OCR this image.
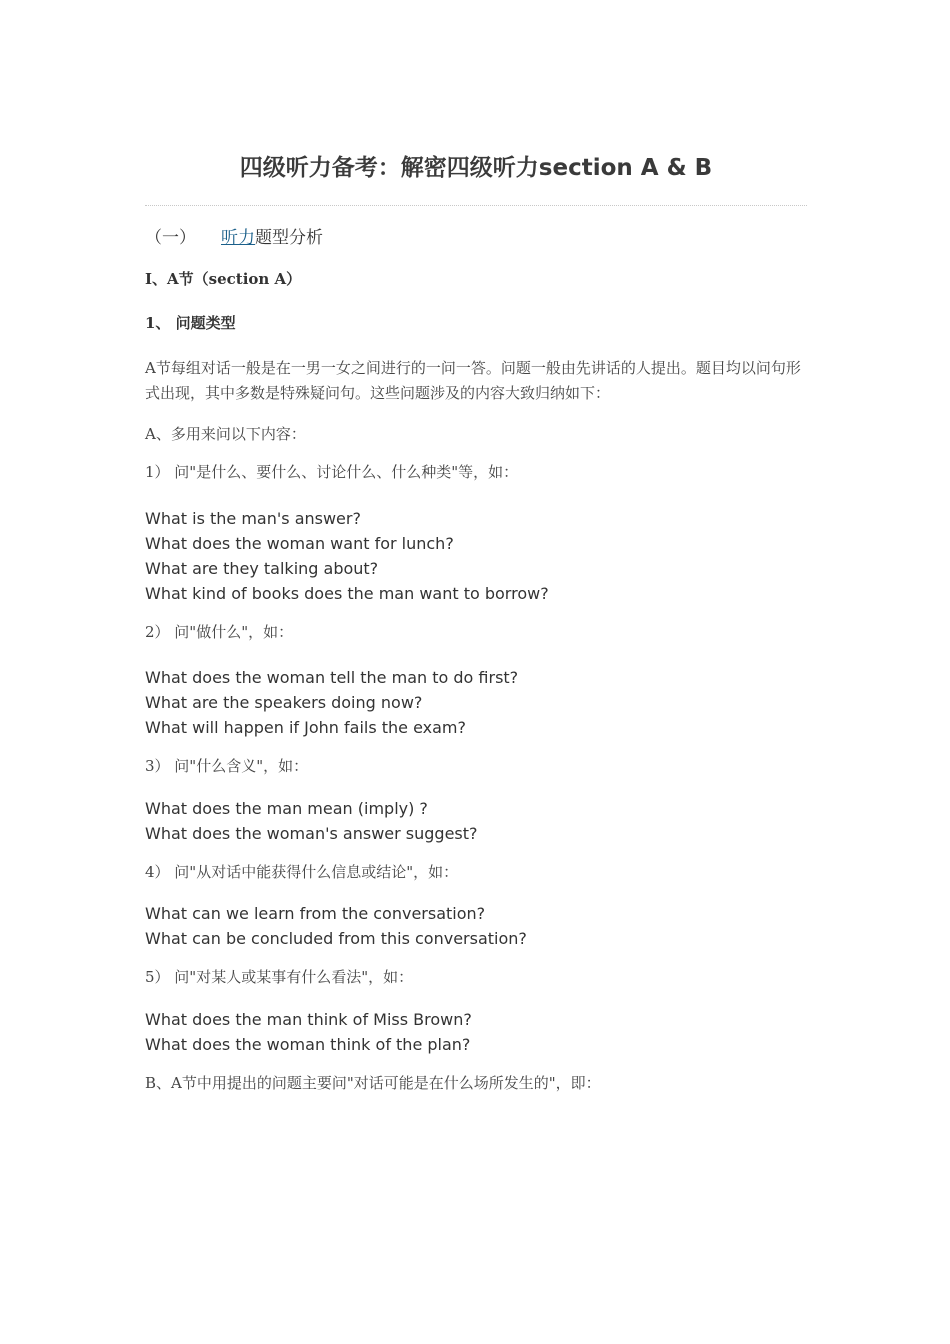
四级听力备考：解密四级听力section A & B
（一） 听力题型分析
Ⅰ、A节（section A）
1、 问题类型
A节每组对话一般是在一男一女之间进行的一问一答。问题一般由先讲话的人提出。题目均以问句形式出现，其中多数是特殊疑问句。这些问题涉及的内容大致归纳如下：
A、多用来问以下内容：
1） 问"是什么、要什么、讨论什么、什么种类"等，如：
What is the man's answer?
What does the woman want for lunch?
What are they talking about?
What kind of books does the man want to borrow?
2） 问"做什么"，如：
What does the woman tell the man to do first?
What are the speakers doing now?
What will happen if John fails the exam?
3） 问"什么含义"，如：
What does the man mean (imply) ?
What does the woman's answer suggest?
4） 问"从对话中能获得什么信息或结论"，如：
What can we learn from the conversation?
What can be concluded from this conversation?
5） 问"对某人或某事有什么看法"，如：
What does the man think of Miss Brown?
What does the woman think of the plan?
B、A节中用提出的问题主要问"对话可能是在什么场所发生的"，即：
